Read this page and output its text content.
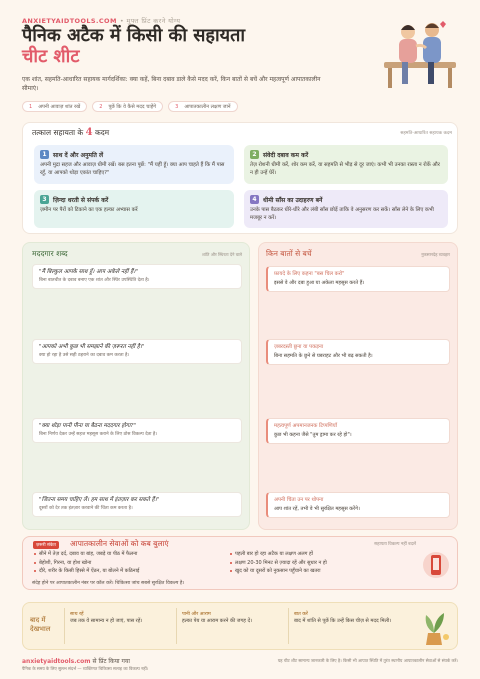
ANXIETYAIDTOOLS.COM • मुफ्त प्रिंट करने योग्य
पैनिक अटैक में किसी की सहायता
चीट शीट
एक शांत, सहमति-आधारित सहायक मार्गदर्शिका: क्या कहें, बिना दबाव डाले कैसे मदद करें, किन बातों से बचें और महत्वपूर्ण आपातकालीन सीमाएं।
1 अपनी आवाज़ शांत रखें	2 पूछें कि वे कैसे मदद चाहेंगे	3 आपातकालीन लक्षण जानें
तत्काल सहायता के 4 कदम	सहमति-आधारित सहायक कदम
1	साथ दें और अनुमति लें
अपनी मुद्रा सहज और आवाज़ धीमी रखें। बस इतना पूछें: "मैं यहीं हूँ। क्या आप चाहते हैं कि मैं पास रहूँ, या आपको थोड़ा एकांत चाहिए?"
2	संवेदी दबाव कम करें
तेज़ रोशनी धीमी करें, शोर कम करें, या सहमति से भीड़ से दूर जाएं। कभी भी उनका रास्ता न रोकें और न ही उन्हें घेरें।
3	ज़िन्दा धरती से संपर्क करें
ज़मीन पर पैरों को टिकाने का एक हल्का अभ्यास करें
4	धीमी साँस का उदाहरण बनें
उनके पास बैठकर धीरे-धीरे और लंबी साँस छोड़ें ताकि वे अनुसरण कर सकें। साँस लेने के लिए कभी मजबूर न करें।
मददगार शब्द	शांति और स्थिरता देने वाले
"मैं बिल्कुल आपके साथ हूँ। आप अकेले नहीं हैं।"
बिना बातचीत के दबाव बनाए एक शांत और स्थिर उपस्थिति देता है।
"आपको अभी कुछ भी समझाने की ज़रूरत नहीं है।"
क्या हो रहा है उसे सही ठहराने का दबाव कम करता है।
"क्या थोड़ा पानी पीना या बैठना मददगार होगा?"
बिना निर्णय देकर उन्हें सहज महसूस कराने के लिए ठोस विकल्प देता है।
"जितना समय चाहिए लें। हम साथ में इंतज़ार कर सकते हैं।"
दूसरों को देर तक इंतज़ार करवाने की चिंता कम करता है।
किन बातों से बचें	नुकसानदेह व्यवहार
फ़ायदे के लिए कहना "बस चिल करो"
इससे वे और दबा हुआ या अकेला महसूस करते हैं।
ज़बरदस्ती छूना या पकड़ना
बिना सहमति के छूने से घबराहट और भी बढ़ सकती है।
महत्वपूर्ण अपमानजनक टिप्पणियाँ
कुछ भी कहना जैसे "तुम ड्रामा कर रहे हो"।
अपनी चिंता उन पर थोपना
आप शांत रहें, तभी वे भी सुरक्षित महसूस करेंगे।
ज़रूरी संकेत	आपातकालीन सेवाओं को कब बुलाएं	सहायता विकल्प नहीं बदलें
सीने में तेज़ दर्द, दबाव या बांह, जबड़े या पीठ में फैलना
बेहोशी, गिरना, या होश खोना
दौरे, शरीर के किसी हिस्से में ऐंठन, या बोलने में कठिनाई
पहली बार हो रहा अटैक या लक्षण अलग हों
लक्षण 20-30 मिनट से ज़्यादा रहें और सुधार न हो
खुद को या दूसरों को नुकसान पहुँचाने का खतरा
संदेह होने पर आपातकालीन नंबर पर कॉल करें। चिकित्सा जांच सबसे सुरक्षित विकल्प है।
बाद में देखभाल
साथ रहें
जब तक वे सामान्य न हो जाएं, पास रहें।
पानी और आराम
हल्का पेय या आराम करने की जगह दें।
बात करें
बाद में शांति से पूछें कि उन्हें किस चीज़ से मदद मिली।
anxietyaidtools.com से प्रिंट किया गया
पैनिक के समय के लिए सुलभ संदर्भ — व्यक्तिगत चिकित्सा सलाह का विकल्प नहीं।
यह चीट शीट सामान्य जानकारी के लिए है। किसी भी आपात स्थिति में तुरंत स्थानीय आपातकालीन सेवाओं से संपर्क करें।
